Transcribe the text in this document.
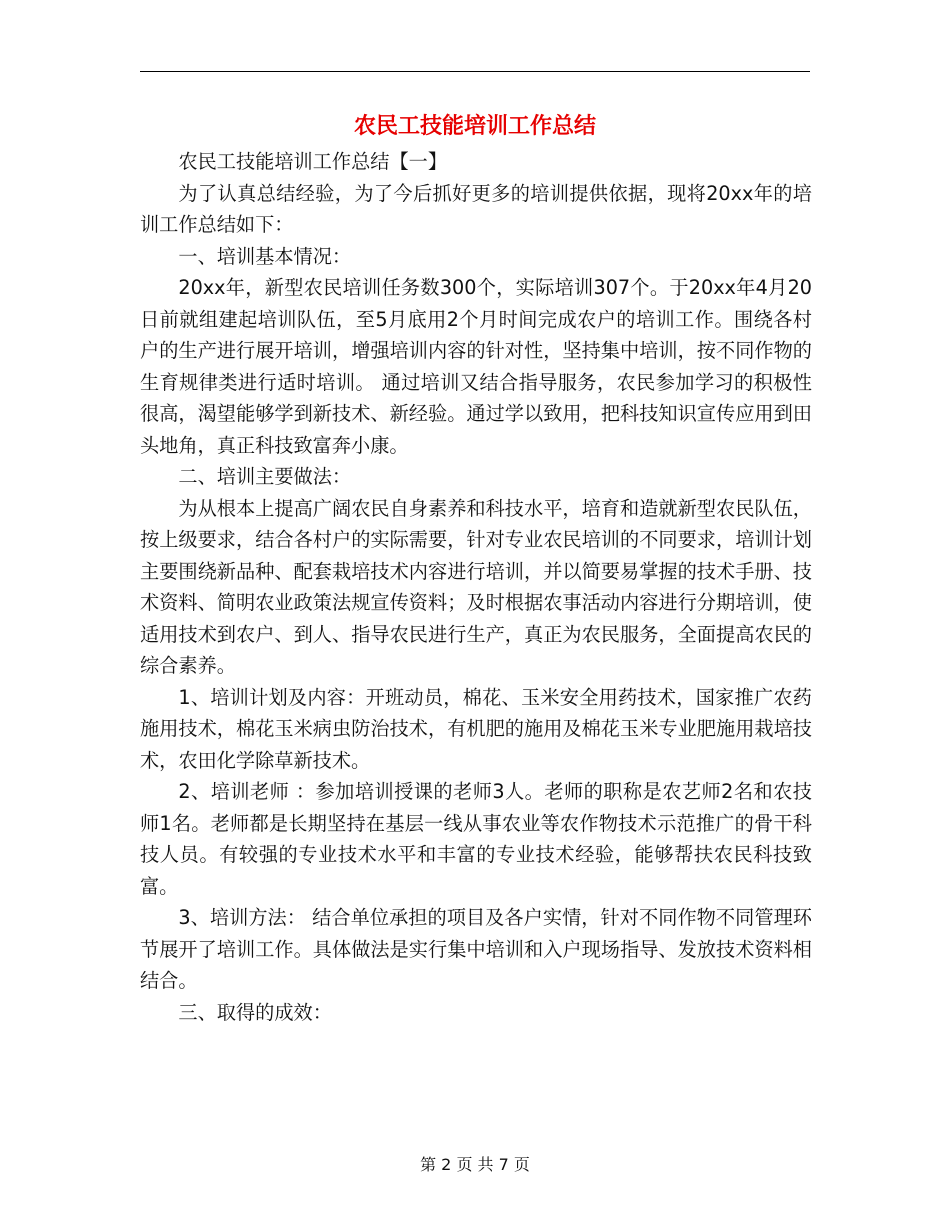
农民工技能培训工作总结

农民工技能培训工作总结【一】

为了认真总结经验，为了今后抓好更多的培训提供依据，现将20xx年的培训工作总结如下：

一、培训基本情况：

20xx年，新型农民培训任务数300个，实际培训307个。于20xx年4月20日前就组建起培训队伍，至5月底用2个月时间完成农户的培训工作。围绕各村户的生产进行展开培训，增强培训内容的针对性，坚持集中培训，按不同作物的生育规律类进行适时培训。 通过培训又结合指导服务，农民参加学习的积极性很高，渴望能够学到新技术、新经验。通过学以致用，把科技知识宣传应用到田头地角，真正科技致富奔小康。

二、培训主要做法：

为从根本上提高广阔农民自身素养和科技水平，培育和造就新型农民队伍，按上级要求，结合各村户的实际需要，针对专业农民培训的不同要求，培训计划主要围绕新品种、配套栽培技术内容进行培训，并以简要易掌握的技术手册、技术资料、简明农业政策法规宣传资料；及时根据农事活动内容进行分期培训，使适用技术到农户、到人、指导农民进行生产，真正为农民服务，全面提高农民的综合素养。

1、培训计划及内容：开班动员，棉花、玉米安全用药技术，国家推广农药施用技术，棉花玉米病虫防治技术，有机肥的施用及棉花玉米专业肥施用栽培技术，农田化学除草新技术。

2、培训老师 ：参加培训授课的老师3人。老师的职称是农艺师2名和农技师1名。老师都是长期坚持在基层一线从事农业等农作物技术示范推广的骨干科技人员。有较强的专业技术水平和丰富的专业技术经验，能够帮扶农民科技致富。

3、培训方法： 结合单位承担的项目及各户实情，针对不同作物不同管理环节展开了培训工作。具体做法是实行集中培训和入户现场指导、发放技术资料相结合。

三、取得的成效：

第 2 页 共 7 页
